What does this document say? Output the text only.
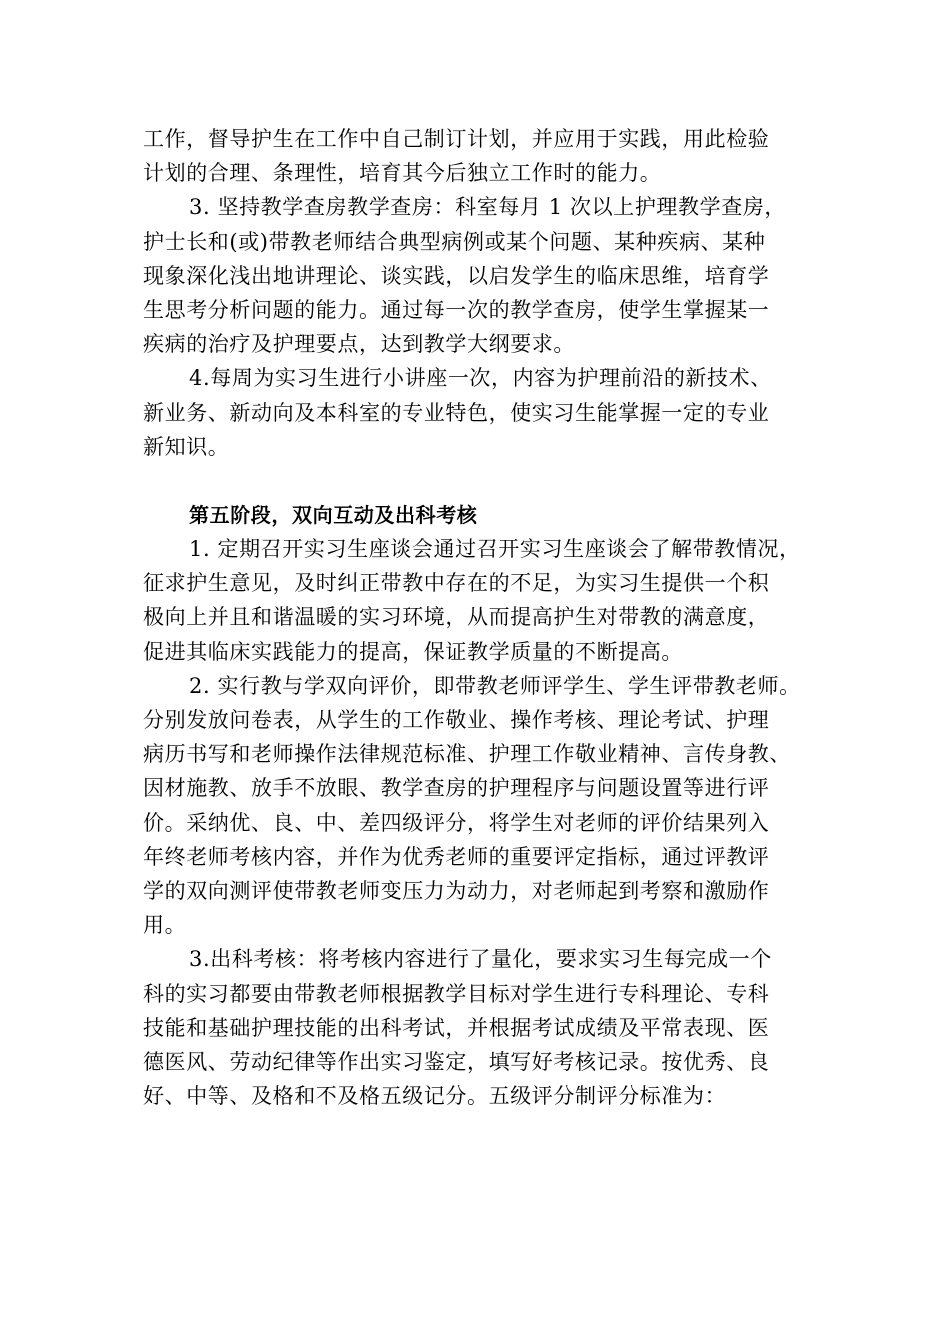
工作，督导护生在工作中自己制订计划，并应用于实践，用此检验
计划的合理、条理性，培育其今后独立工作时的能力。
3. 坚持教学查房教学查房：科室每月 1 次以上护理教学查房，
护士长和(或)带教老师结合典型病例或某个问题、某种疾病、某种
现象深化浅出地讲理论、谈实践，以启发学生的临床思维，培育学
生思考分析问题的能力。通过每一次的教学查房，使学生掌握某一
疾病的治疗及护理要点，达到教学大纲要求。
4.每周为实习生进行小讲座一次，内容为护理前沿的新技术、
新业务、新动向及本科室的专业特色，使实习生能掌握一定的专业
新知识。
第五阶段，双向互动及出科考核
1. 定期召开实习生座谈会通过召开实习生座谈会了解带教情况，
征求护生意见，及时纠正带教中存在的不足，为实习生提供一个积
极向上并且和谐温暖的实习环境，从而提高护生对带教的满意度，
促进其临床实践能力的提高，保证教学质量的不断提高。
2. 实行教与学双向评价，即带教老师评学生、学生评带教老师。
分别发放问卷表，从学生的工作敬业、操作考核、理论考试、护理
病历书写和老师操作法律规范标准、护理工作敬业精神、言传身教、
因材施教、放手不放眼、教学查房的护理程序与问题设置等进行评
价。采纳优、良、中、差四级评分，将学生对老师的评价结果列入
年终老师考核内容，并作为优秀老师的重要评定指标，通过评教评
学的双向测评使带教老师变压力为动力，对老师起到考察和激励作
用。
3.出科考核：将考核内容进行了量化，要求实习生每完成一个
科的实习都要由带教老师根据教学目标对学生进行专科理论、专科
技能和基础护理技能的出科考试，并根据考试成绩及平常表现、医
德医风、劳动纪律等作出实习鉴定，填写好考核记录。按优秀、良
好、中等、及格和不及格五级记分。五级评分制评分标准为：
